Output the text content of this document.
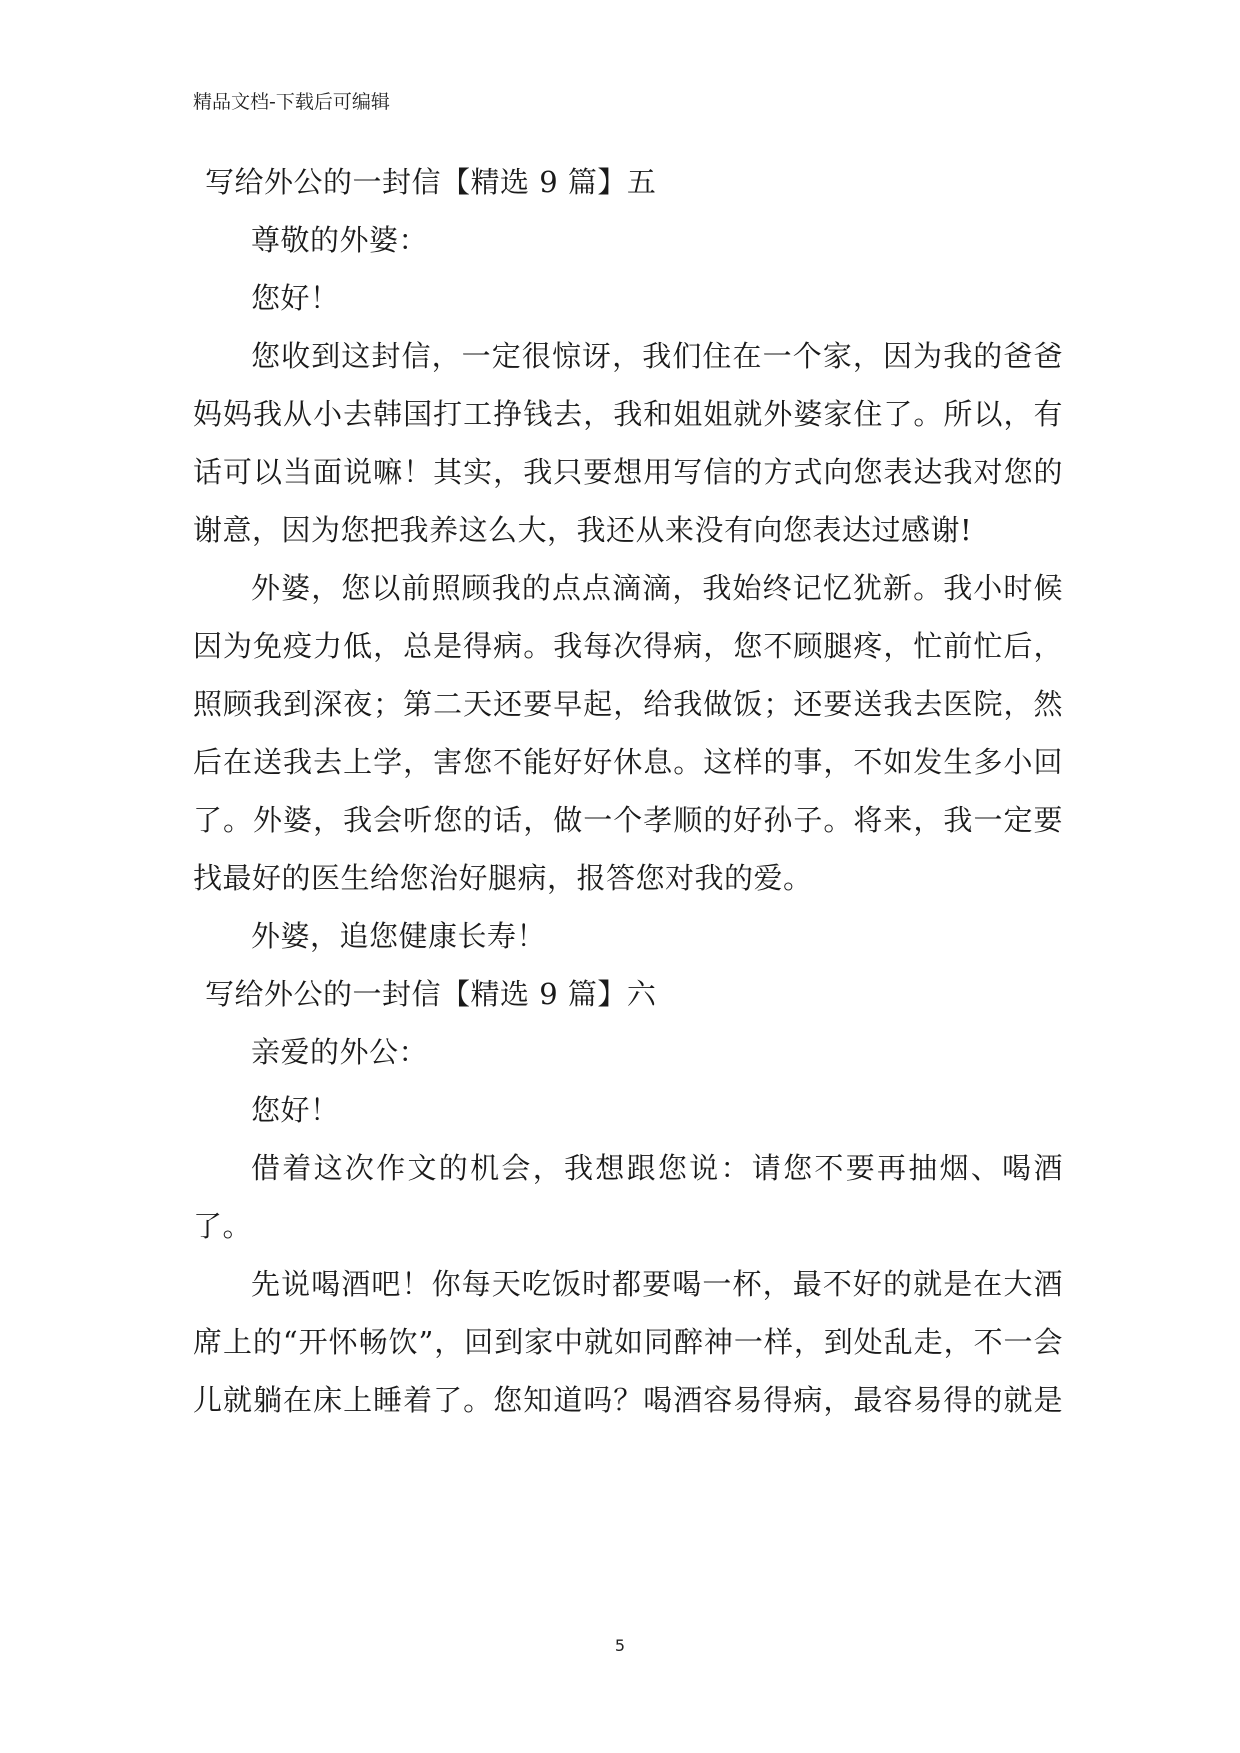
精品文档-下载后可编辑
写给外公的一封信【精选 9 篇】五
尊敬的外婆：
您好！
您收到这封信，一定很惊讶，我们住在一个家，因为我的爸爸
妈妈我从小去韩国打工挣钱去，我和姐姐就外婆家住了。所以，有
话可以当面说嘛！其实，我只要想用写信的方式向您表达我对您的
谢意，因为您把我养这么大，我还从来没有向您表达过感谢!
外婆，您以前照顾我的点点滴滴，我始终记忆犹新。我小时候
因为免疫力低，总是得病。我每次得病，您不顾腿疼，忙前忙后，
照顾我到深夜；第二天还要早起，给我做饭；还要送我去医院，然
后在送我去上学，害您不能好好休息。这样的事，不如发生多小回
了。外婆，我会听您的话，做一个孝顺的好孙子。将来，我一定要
找最好的医生给您治好腿病，报答您对我的爱。
外婆，追您健康长寿！
写给外公的一封信【精选 9 篇】六
亲爱的外公：
您好！
借着这次作文的机会，我想跟您说：请您不要再抽烟、喝酒
了。
先说喝酒吧！你每天吃饭时都要喝一杯，最不好的就是在大酒
席上的“开怀畅饮”，回到家中就如同醉神一样，到处乱走，不一会
儿就躺在床上睡着了。您知道吗？喝酒容易得病，最容易得的就是
5
